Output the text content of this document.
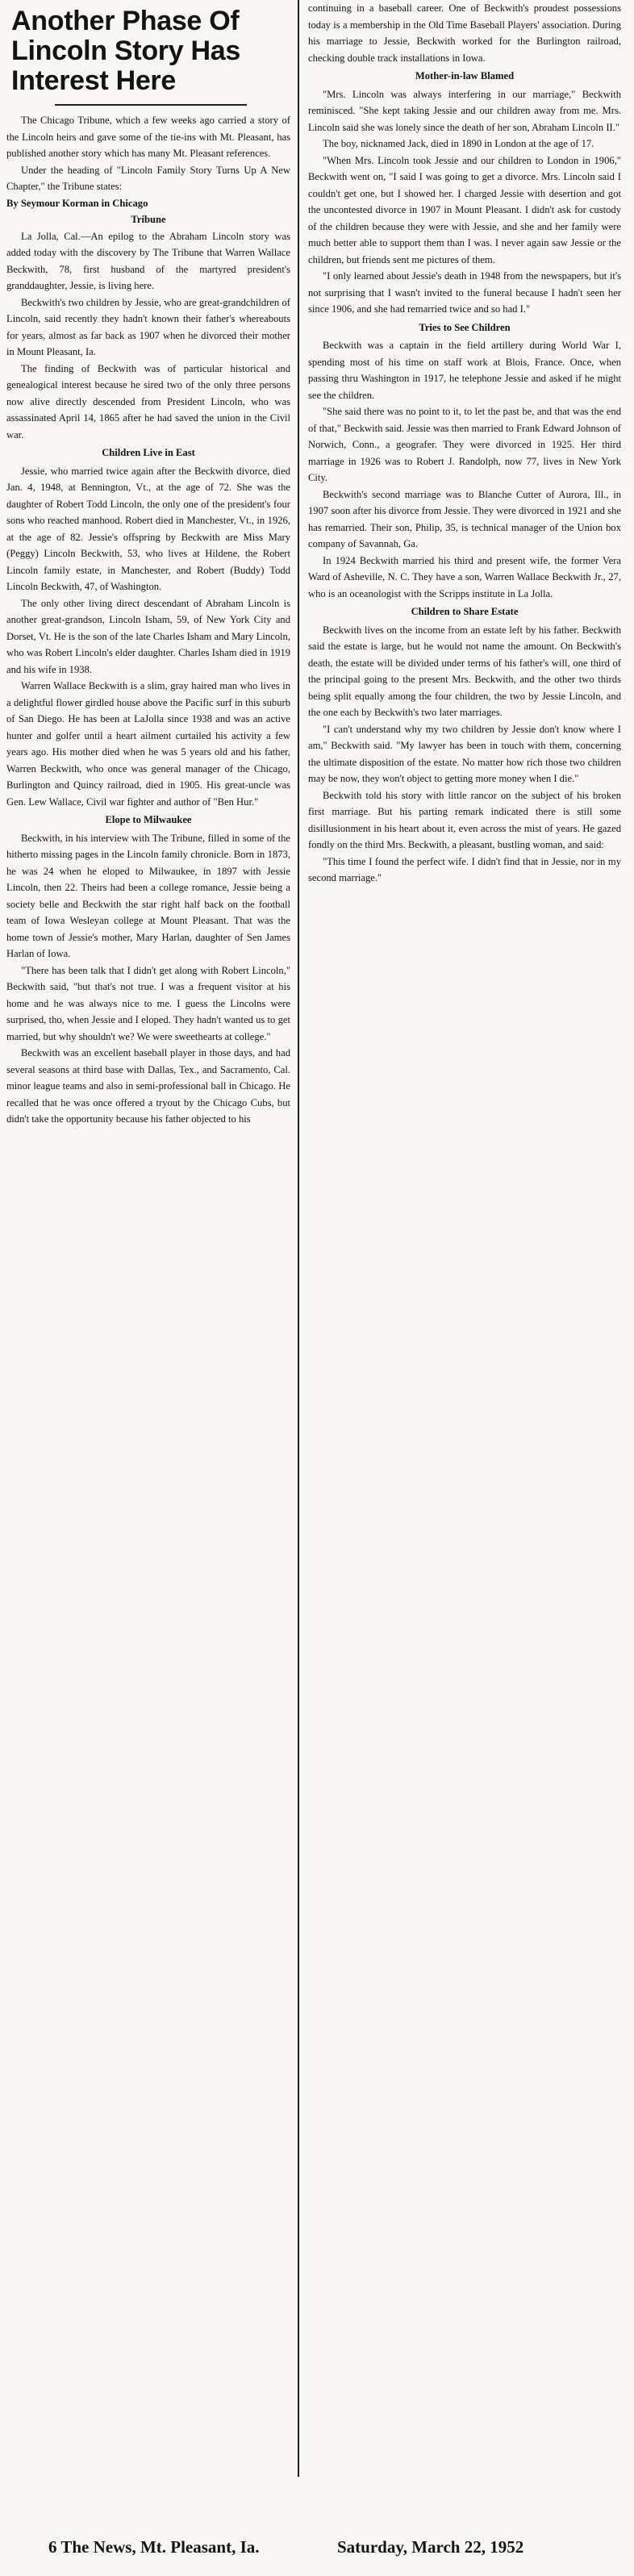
Another Phase Of Lincoln Story Has Interest Here

The Chicago Tribune, which a few weeks ago carried a story of the Lincoln heirs and gave some of the tie-ins with Mt. Pleasant, has published another story which has many Mt. Pleasant references.

Under the heading of "Lincoln Family Story Turns Up A New Chapter," the Tribune states:

By Seymour Korman in Chicago

Tribune

La Jolla, Cal.—An epilog to the Abraham Lincoln story was added today with the discovery by The Tribune that Warren Wallace Beckwith, 78, first husband of the martyred president's granddaughter, Jessie, is living here.

Beckwith's two children by Jessie, who are great-grandchildren of Lincoln, said recently they hadn't known their father's whereabouts for years, almost as far back as 1907 when he divorced their mother in Mount Pleasant, Ia.

The finding of Beckwith was of particular historical and genealogical interest because he sired two of the only three persons now alive directly descended from President Lincoln, who was assassinated April 14, 1865 after he had saved the union in the Civil war.

Children Live in East

Jessie, who married twice again after the Beckwith divorce, died Jan. 4, 1948, at Bennington, Vt., at the age of 72. She was the daughter of Robert Todd Lincoln, the only one of the president's four sons who reached manhood. Robert died in Manchester, Vt., in 1926, at the age of 82. Jessie's offspring by Beckwith are Miss Mary (Peggy) Lincoln Beckwith, 53, who lives at Hildene, the Robert Lincoln family estate, in Manchester, and Robert (Buddy) Todd Lincoln Beckwith, 47, of Washington.

The only other living direct descendant of Abraham Lincoln is another great-grandson, Lincoln Isham, 59, of New York City and Dorset, Vt. He is the son of the late Charles Isham and Mary Lincoln, who was Robert Lincoln's elder daughter. Charles Isham died in 1919 and his wife in 1938.

Warren Wallace Beckwith is a slim, gray haired man who lives in a delightful flower girdled house above the Pacific surf in this suburb of San Diego. He has been at LaJolla since 1938 and was an active hunter and golfer until a heart ailment curtailed his activity a few years ago. His mother died when he was 5 years old and his father, Warren Beckwith, who once was general manager of the Chicago, Burlington and Quincy railroad, died in 1905. His great-uncle was Gen. Lew Wallace, Civil war fighter and author of "Ben Hur."

Elope to Milwaukee

Beckwith, in his interview with The Tribune, filled in some of the hitherto missing pages in the Lincoln family chronicle. Born in 1873, he was 24 when he eloped to Milwaukee, in 1897 with Jessie Lincoln, then 22. Theirs had been a college romance, Jessie being a society belle and Beckwith the star right half back on the football team of Iowa Wesleyan college at Mount Pleasant. That was the home town of Jessie's mother, Mary Harlan, daughter of Sen James Harlan of Iowa.

"There has been talk that I didn't get along with Robert Lincoln," Beckwith said, "but that's not true. I was a frequent visitor at his home and he was always nice to me. I guess the Lincolns were surprised, tho, when Jessie and I eloped. They hadn't wanted us to get married, but why shouldn't we? We were sweethearts at college."

Beckwith was an excellent baseball player in those days, and had several seasons at third base with Dallas, Tex., and Sacramento, Cal. minor league teams and also in semi-professional ball in Chicago. He recalled that he was once offered a tryout by the Chicago Cubs, but didn't take the opportunity because his father objected to his

continuing in a baseball career. One of Beckwith's proudest possessions today is a membership in the Old Time Baseball Players' association. During his marriage to Jessie, Beckwith worked for the Burlington railroad, checking double track installations in Iowa.

Mother-in-law Blamed

"Mrs. Lincoln was always interfering in our marriage," Beckwith reminisced. "She kept taking Jessie and our children away from me. Mrs. Lincoln said she was lonely since the death of her son, Abraham Lincoln II."

The boy, nicknamed Jack, died in 1890 in London at the age of 17.

"When Mrs. Lincoln took Jessie and our children to London in 1906," Beckwith went on, "I said I was going to get a divorce. Mrs. Lincoln said I couldn't get one, but I showed her. I charged Jessie with desertion and got the uncontested divorce in 1907 in Mount Pleasant. I didn't ask for custody of the children because they were with Jessie, and she and her family were much better able to support them than I was. I never again saw Jessie or the children, but friends sent me pictures of them.

"I only learned about Jessie's death in 1948 from the newspapers, but it's not surprising that I wasn't invited to the funeral because I hadn't seen her since 1906, and she had remarried twice and so had I."

Tries to See Children

Beckwith was a captain in the field artillery during World War I, spending most of his time on staff work at Blois, France. Once, when passing thru Washington in 1917, he telephone Jessie and asked if he might see the children.

"She said there was no point to it, to let the past be, and that was the end of that," Beckwith said. Jessie was then married to Frank Edward Johnson of Norwich, Conn., a geografer. They were divorced in 1925. Her third marriage in 1926 was to Robert J. Randolph, now 77, lives in New York City.

Beckwith's second marriage was to Blanche Cutter of Aurora, Ill., in 1907 soon after his divorce from Jessie. They were divorced in 1921 and she has remarried. Their son, Philip, 35, is technical manager of the Union box company of Savannah, Ga.

In 1924 Beckwith married his third and present wife, the former Vera Ward of Asheville, N. C. They have a son, Warren Wallace Beckwith Jr., 27, who is an oceanologist with the Scripps institute in La Jolla.

Children to Share Estate

Beckwith lives on the income from an estate left by his father. Beckwith said the estate is large, but he would not name the amount. On Beckwith's death, the estate will be divided under terms of his father's will, one third of the principal going to the present Mrs. Beckwith, and the other two thirds being split equally among the four children, the two by Jessie Lincoln, and the one each by Beckwith's two later marriages.

"I can't understand why my two children by Jessie don't know where I am," Beckwith said. "My lawyer has been in touch with them, concerning the ultimate disposition of the estate. No matter how rich those two children may be now, they won't object to getting more money when I die."

Beckwith told his story with little rancor on the subject of his broken first marriage. But his parting remark indicated there is still some disillusionment in his heart about it, even across the mist of years. He gazed fondly on the third Mrs. Beckwith, a pleasant, bustling woman, and said:

"This time I found the perfect wife. I didn't find that in Jessie, nor in my second marriage."

6 The News, Mt. Pleasant, Ia.	Saturday, March 22, 1952
